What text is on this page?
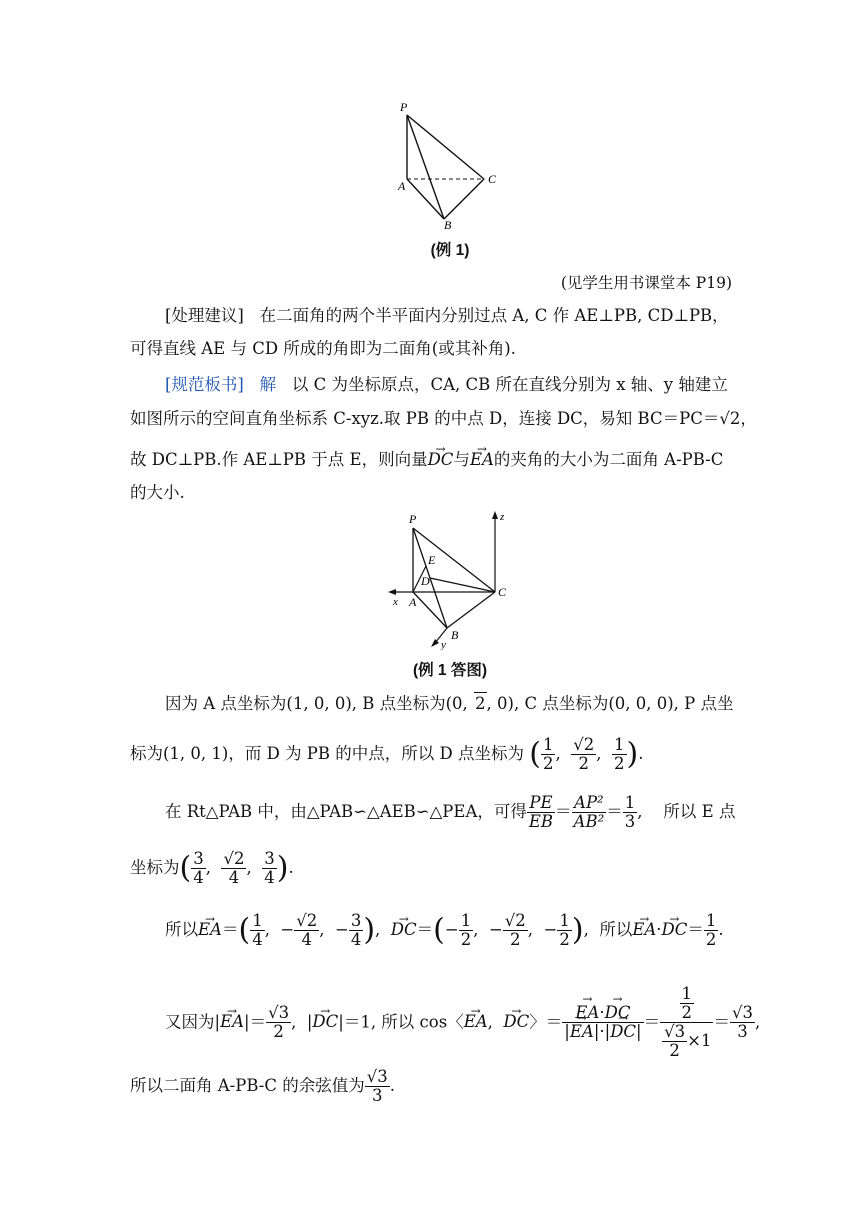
P
A
B
C
(例 1)
(见学生用书课堂本 P19)
[处理建议] 在二面角的两个半平面内分别过点 A, C 作 AE⊥PB, CD⊥PB，
可得直线 AE 与 CD 所成的角即为二面角(或其补角).
[规范板书] 解 以 C 为坐标原点，CA, CB 所在直线分别为 x 轴、y 轴建立
如图所示的空间直角坐标系 C-xyz.取 PB 的中点 D，连接 DC，易知 BC＝PC＝√2，
故 DC⊥PB.作 AE⊥PB 于点 E，则向量→ DC与→ EA的夹角的大小为二面角 A-PB-C
的大小.
P
E
D
A
B
C
x
y
z
(例 1 答图)
因为 A 点坐标为(1, 0, 0), B 点坐标为(0, 2, 0), C 点坐标为(0, 0, 0), P 点坐
标为(1, 0, 1)，而 D 为 PB 的中点，所以 D 点坐标为 ( $\frac{1}{2}$ , $\frac{√2}{2}$ , $\frac{1}{2}$ ).
在 Rt△PAB 中，由△PAB∽△AEB∽△PEA，可得 $\frac{PE}{EB} = \frac{\text{AP²}}{\text{AB²}} = \frac{1}{3}$ ,    所以 E 点
坐标为( $\frac{3}{4}$ , $\frac{√2}{4}$ , $\frac{3}{4}$ ).
所以→ $EA=( \frac{1}{4}$ ,  − $\frac{√2}{4}$ ,  − $\frac{3}{4}$ ),  → $DC=(- \frac{1}{2}$ ,  − $\frac{√2}{2}$ ,  − $\frac{1}{2}$ ),  所以→ $EA\cdot\to DC= \frac{1}{2}$ .
又因为|→ $EA|= \frac{√3}{2}$ ,  |→ DC|＝1, 所以 cos〈→ EA,  → DC〉＝
→ $\frac{EA\cdot\to DC}{|\to EA|\cdot|\to DC|} = \frac{\frac{1}{2}}{\frac{√3}{2} \times 1} = \frac{√3}{3}$ ,
所以二面角 A-PB-C 的余弦值为 $\frac{√3}{3}$ .
